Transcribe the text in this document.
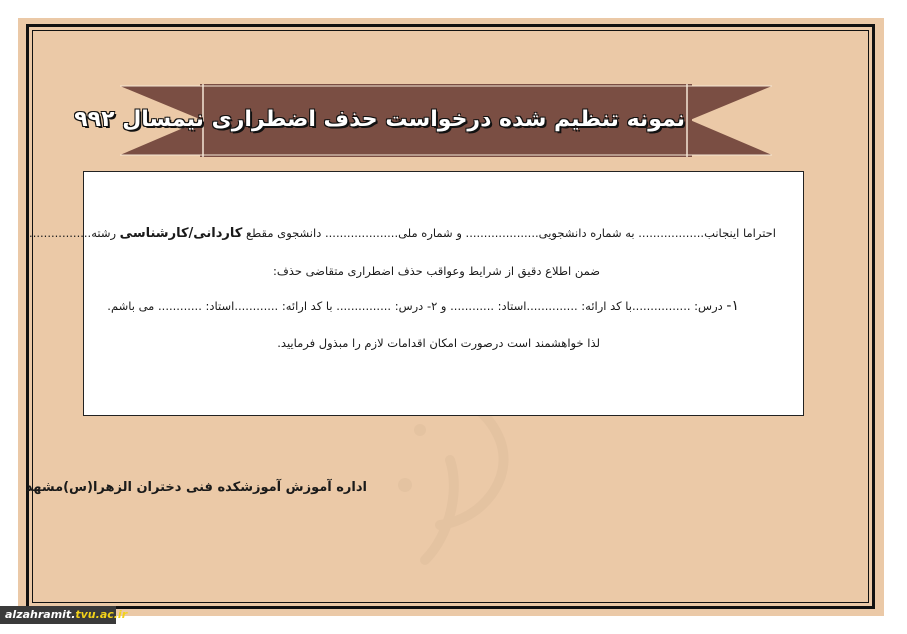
نمونه تنظیم شده درخواست حذف اضطراری نیمسال ۹۹۲
احتراما اینجانب.................. به شماره دانشجویی.................... و شماره ملی.................... دانشجوی مقطع کاردانی/کارشناسی رشته.................
ضمن اطلاع دقیق از شرایط وعواقب حذف اضطراری متقاضی حذف:
۱- درس: ................با کد ارائه: ..............استاد: ............ و ۲- درس: ............... با کد ارائه: ............استاد: ............ می باشم.
لذا خواهشمند است درصورت امکان اقدامات لازم را مبذول فرمایید.
اداره آموزش آموزشکده فنی دختران الزهرا(س)مشهد
alzahramit.tvu.ac.ir
